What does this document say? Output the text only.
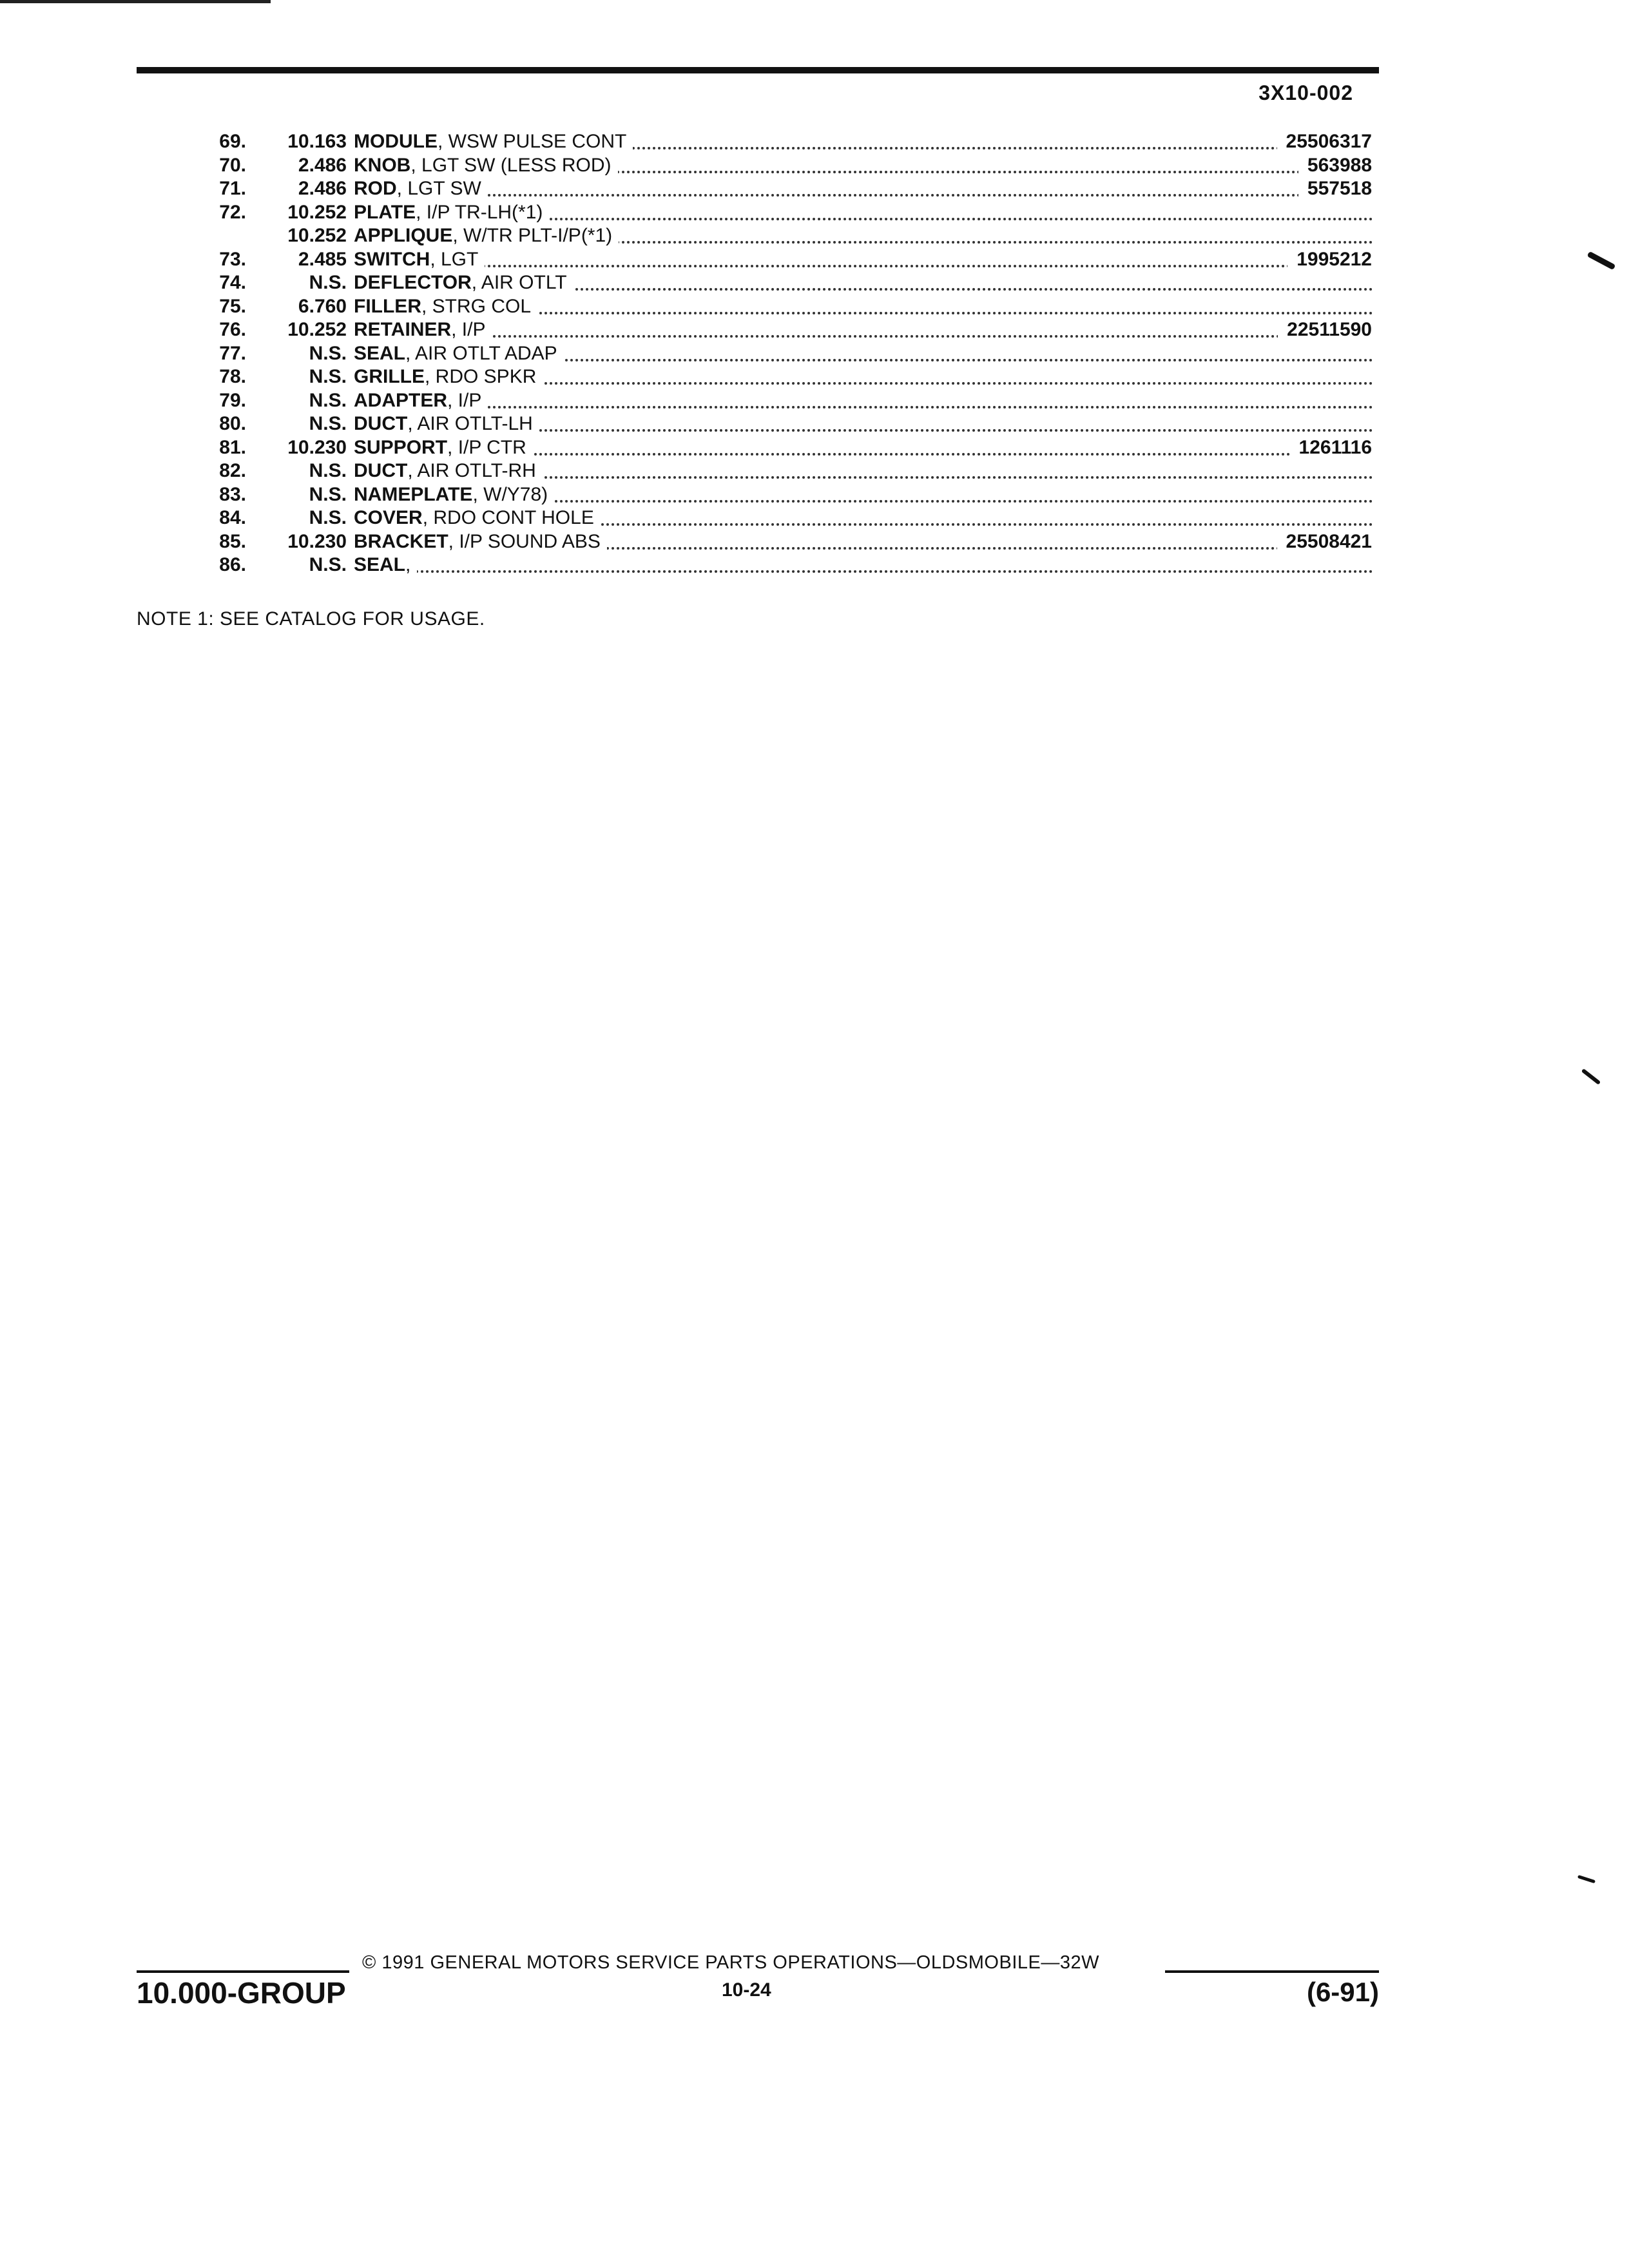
3X10-002
69. 10.163 MODULE, WSW PULSE CONT	25506317
70.	2.486 KNOB, LGT SW (LESS ROD)	563988
71.	2.486 ROD, LGT SW	557518
72. 10.252 PLATE, I/P TR-LH(*1)
10.252 APPLIQUE, W/TR PLT-I/P(*1)
73.	2.485 SWITCH, LGT	1995212
74.	N.S. DEFLECTOR, AIR OTLT
75.	6.760 FILLER, STRG COL
76. 10.252 RETAINER, I/P	22511590
77.	N.S. SEAL, AIR OTLT ADAP
78.	N.S. GRILLE, RDO SPKR
79.	N.S. ADAPTER, I/P
80.	N.S. DUCT, AIR OTLT-LH
81. 10.230 SUPPORT, I/P CTR	1261116
82.	N.S. DUCT, AIR OTLT-RH
83.	N.S. NAMEPLATE, W/Y78)
84.	N.S. COVER, RDO CONT HOLE
85. 10.230 BRACKET, I/P SOUND ABS	25508421
86.	N.S. SEAL,
NOTE 1: SEE CATALOG FOR USAGE.
© 1991 GENERAL MOTORS SERVICE PARTS OPERATIONS—OLDSMOBILE—32W
10.000-GROUP	10-24	(6-91)
